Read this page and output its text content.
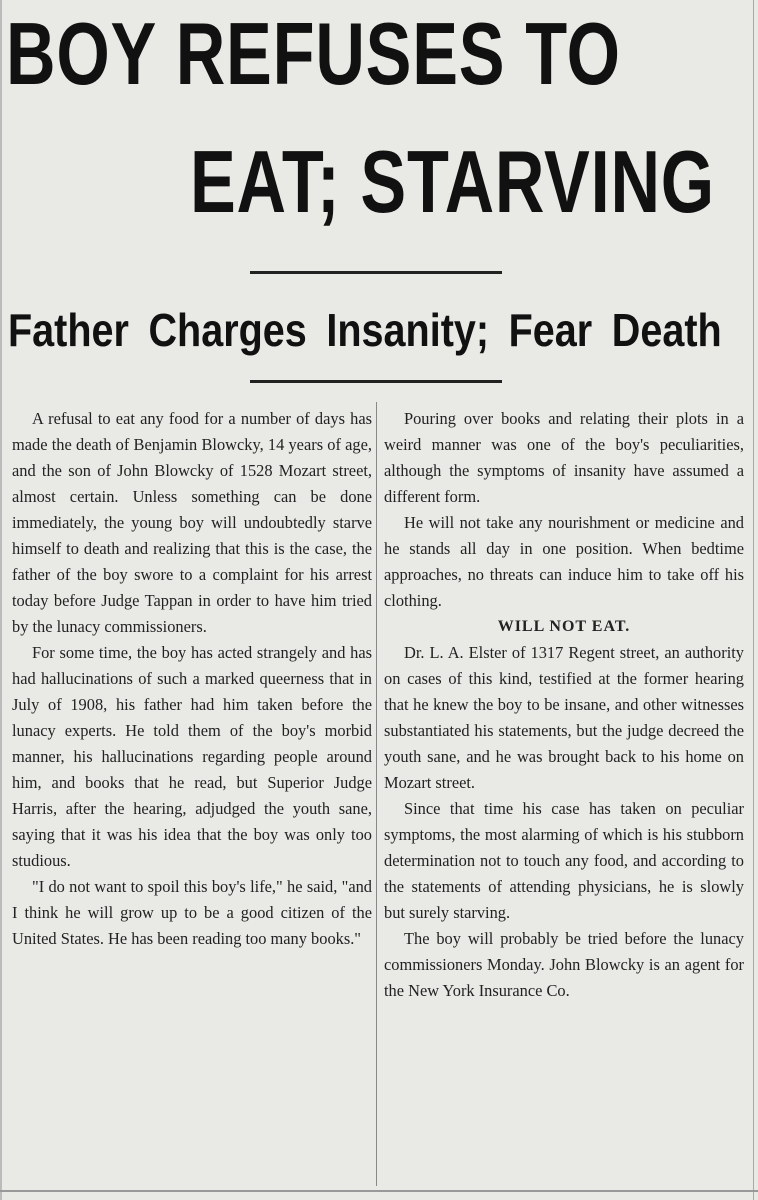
BOY REFUSES TO
EAT; STARVING
Father Charges Insanity; Fear Death

A refusal to eat any food for a number of days has made the death of Benjamin Blowcky, 14 years of age, and the son of John Blowcky of 1528 Mozart street, almost certain. Unless something can be done immediately, the young boy will undoubtedly starve himself to death and realizing that this is the case, the father of the boy swore to a complaint for his arrest today before Judge Tappan in order to have him tried by the lunacy commissioners.

For some time, the boy has acted strangely and has had hallucinations of such a marked queerness that in July of 1908, his father had him taken before the lunacy experts. He told them of the boy's morbid manner, his hallucinations regarding people around him, and books that he read, but Superior Judge Harris, after the hearing, adjudged the youth sane, saying that it was his idea that the boy was only too studious.

"I do not want to spoil this boy's life," he said, "and I think he will grow up to be a good citizen of the United States. He has been reading too many books."

Pouring over books and relating their plots in a weird manner was one of the boy's peculiarities, although the symptoms of insanity have assumed a different form.

He will not take any nourishment or medicine and he stands all day in one position. When bedtime approaches, no threats can induce him to take off his clothing.

WILL NOT EAT.

Dr. L. A. Elster of 1317 Regent street, an authority on cases of this kind, testified at the former hearing that he knew the boy to be insane, and other witnesses substantiated his statements, but the judge decreed the youth sane, and he was brought back to his home on Mozart street.

Since that time his case has taken on peculiar symptoms, the most alarming of which is his stubborn determination not to touch any food, and according to the statements of attending physicians, he is slowly but surely starving.

The boy will probably be tried before the lunacy commissioners Monday. John Blowcky is an agent for the New York Insurance Co.
